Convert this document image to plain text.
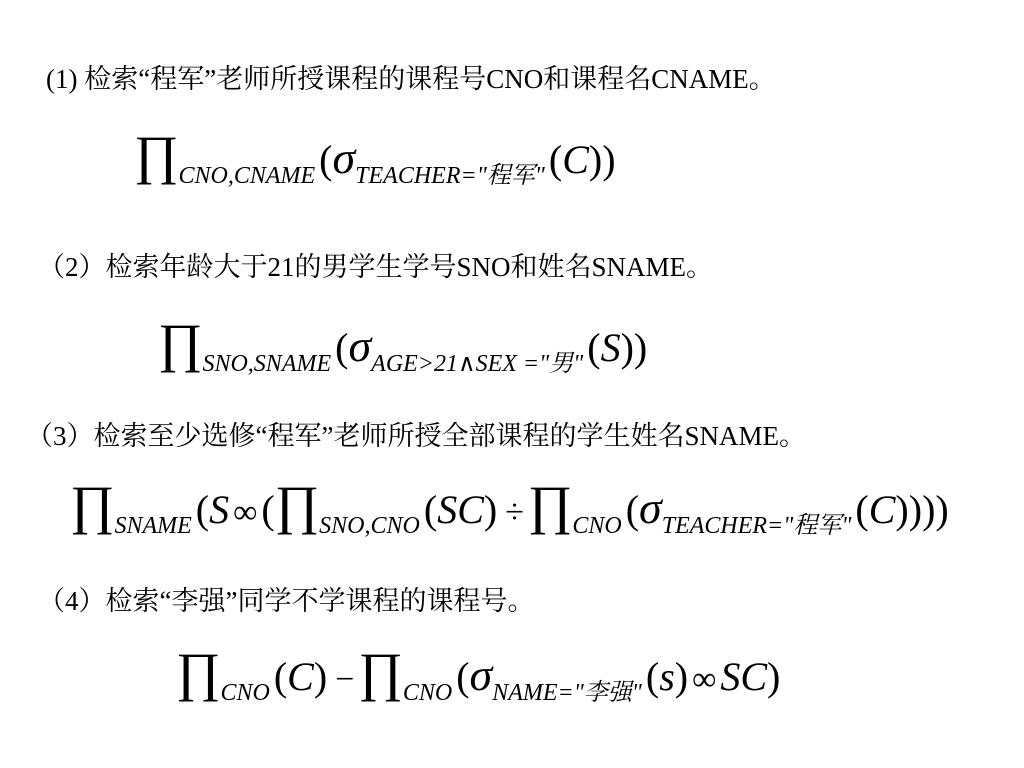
(1) 检索“程军”老师所授课程的课程号CNO和课程名CNAME。
∏CNO,CNAME (σTEACHER="程军" (C))
（2）检索年龄大于21的男学生学号SNO和姓名SNAME。
∏SNO,SNAME (σAGE>21∧SEX ="男" (S))
（3）检索至少选修“程军”老师所授全部课程的学生姓名SNAME。
∏SNAME (S ∞ (∏SNO,CNO (SC) ÷∏CNO (σTEACHER="程军" (C))))
（4）检索“李强”同学不学课程的课程号。
∏CNO (C) −∏CNO (σNAME="李强" (s) ∞ SC)
